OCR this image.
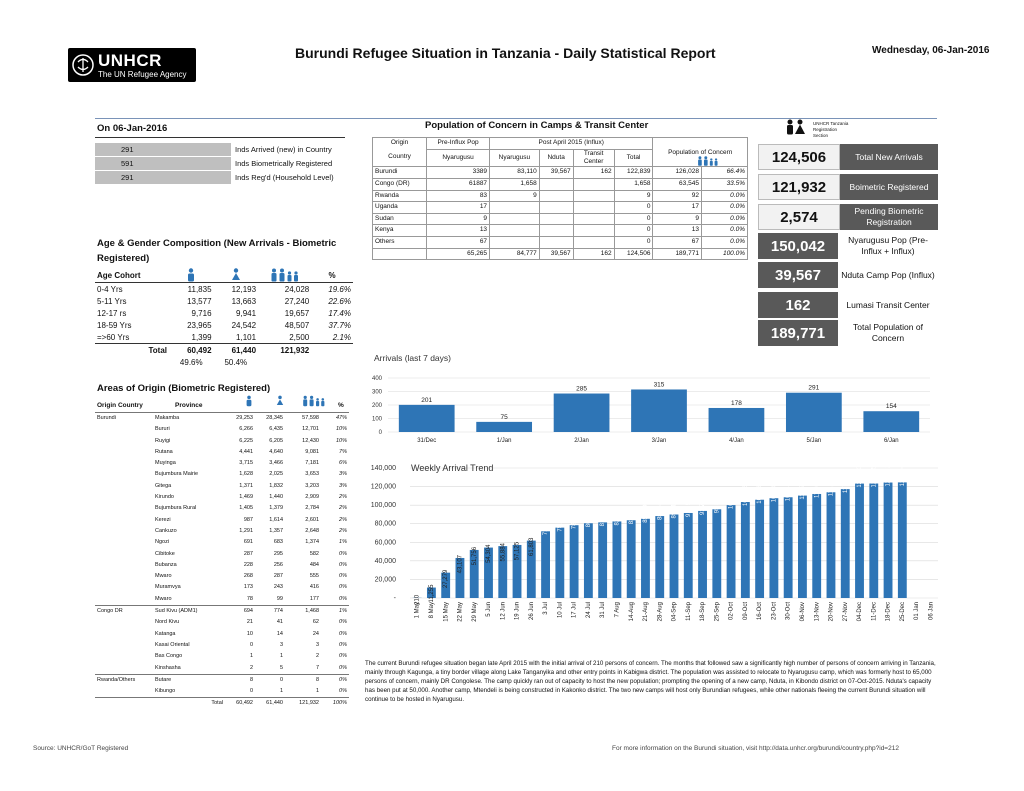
UNHCR
The UN Refugee Agency
Burundi Refugee Situation in Tanzania - Daily Statistical Report	Wednesday, 06-Jan-2016
On 06-Jan-2016
291	Inds Arrived (new) in Country
591	Inds Biometrically Registered
291	Inds Reg'd (Household Level)
Age & Gender Composition (New Arrivals - Biometric Registered)
Age Cohort				%
0-4 Yrs	11,835	12,193	24,028	19.6%
5-11 Yrs	13,577	13,663	27,240	22.6%
12-17 rs	9,716	9,941	19,657	17.4%
18-59 Yrs	23,965	24,542	48,507	37.7%
=>60 Yrs	1,399	1,101	2,500	2.1%
Total	60,492	61,440	121,932	
	49.6%	50.4%		
Areas of Origin (Biometric Registered)
Origin Country	Province	%
Burundi	Makamba	29,253	28,345	57,598	47%
	Bururi	6,266	6,435	12,701	10%
	Ruyigi	6,225	6,205	12,430	10%
	Rutana	4,441	4,640	9,081	7%
	Muyinga	3,715	3,466	7,181	6%
	Bujumbura Mairie	1,628	2,025	3,653	3%
	Gitega	1,371	1,832	3,203	3%
	Kirundo	1,469	1,440	2,909	2%
	Bujumbura Rural	1,405	1,379	2,784	2%
	Kerezi	987	1,614	2,601	2%
	Cankuzo	1,291	1,357	2,648	2%
	Ngozi	691	683	1,374	1%
	Cibitoke	287	295	582	0%
	Bubanza	228	256	484	0%
	Mwaro	268	287	555	0%
	Muramvya	173	243	416	0%
	Mwaro	78	99	177	0%
Congo DR	Sud Kivu (ADM1)	694	774	1,468	1%
	Nord Kivu	21	41	62	0%
	Katanga	10	14	24	0%
	Kasai Oriental	0	3	3	0%
	Bas Congo	1	1	2	0%
	Kinshasha	2	5	7	0%
Rwanda/Others	Butare	8	0	8	0%
	Kibungo	0	1	1	0%
	Total	60,492	61,440	121,932	100%
Population of Concern in Camps & Transit Center
Origin	Pre-Influx Pop	Post April 2015 (Influx)				Population of Concern	
Country	Nyarugusu	Nyarugusu	Nduta	Transit Center	Total		
Burundi	3389	83,110	39,567	162	122,839	126,028	66.4%
Congo (DR)	61887	1,658			1,658	63,545	33.5%
Rwanda	83	9			9	92	0.0%
Uganda	17				0	17	0.0%
Sudan	9				0	9	0.0%
Kenya	13				0	13	0.0%
Others	67				0	67	0.0%
	65,265	84,777	39,567	162	124,506	189,771	100.0%
UNHCR Tanzania Registration Section
124,506	Total New Arrivals
121,932	Boimetric Registered
2,574	Pending Biometric Registration
150,042	Nyarugusu Pop (Pre-Influx + Influx)
39,567	Nduta Camp Pop (Influx)
162	Lumasi Transit Center
189,771	Total Population of Concern
Arrivals (last 7 days)
0
100
200
300
400
201
31/Dec
75
1/Jan
285
2/Jan
315
3/Jan
178
4/Jan
291
5/Jan
154
6/Jan
-
20,000
40,000
60,000
80,000
100,000
120,000
140,000
210 11,255
27,279
43,107 51,756 54,304 55,884 57,125 61,803
71,832 75,784 78,408 80,520 81,440 82,451 83,751 85,289 88,258 89,915 91,559 93,769 95,551 100,045 103,375 105,835 107,484 108,488 110,293 112,020 113,861 117,261 123,210 123,285 124,352 124,506
1 May 8 May 15 May 22 May 29 May 5 Jun 12 Jun 19 Jun 26 Jun 3 Jul 10 Jul 17 Jul 24 Jul 31 Jul 7 Aug 14-Aug 21-Aug 28-Aug 04-Sep 11-Sep 18-Sep 25-Sep 02-Oct 09-Oct 16-Oct 23-Oct 30-Oct 06-Nov 13-Nov 20-Nov 27-Nov 04-Dec 11-Dec 18-Dec 25-Dec 01 Jan 06 Jan
Weekly Arrival Trend
The current Burundi refugee situation began late April 2015 with the initial arrival of 210 persons of concern. The months that followed saw a significantly high number of persons of concern arriving in Tanzania, mainly through Kagunga, a tiny border village along Lake Tanganyika and other entry points in Kabigwa district. The population was assisted to relocate to Nyarugusu camp, which was formerly host to 65,000 persons of concern, mainly DR Congolese. The camp quickly ran out of capacity to host the new population; prompting the opening of a new camp, Nduta, in Kibondo district on 07-Oct-2015. Nduta's capacity has been put at 50,000. Another camp, Mtendeli is being constructed in Kakonko district. The two new camps will host only Burundian refugees, while other nationals fleeing the current Burundi situation will continue to be hosted in Nyarugusu.
Source: UNHCR/GoT Registered	For more information on the Burundi situation, visit http://data.unhcr.org/burundi/country.php?id=212
